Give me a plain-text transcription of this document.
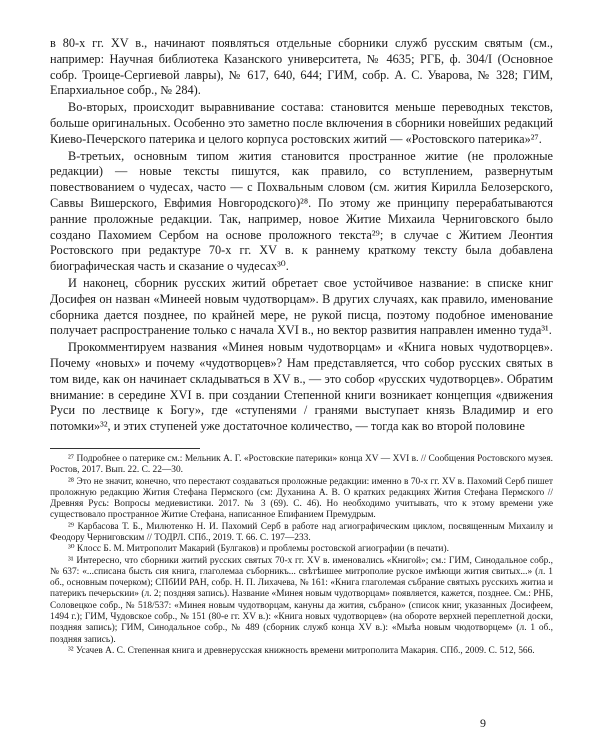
в 80-х гг. XV в., начинают появляться отдельные сборники служб русским святым (см., например: Научная библиотека Казанского университета, № 4635; РГБ, ф. 304/I (Основное собр. Троице-Сергиевой лавры), № 617, 640, 644; ГИМ, собр. А. С. Уварова, № 328; ГИМ, Епархиальное собр., № 284).

Во-вторых, происходит выравнивание состава: становится меньше переводных текстов, больше оригинальных. Особенно это заметно после включения в сборники новейших редакций Киево-Печерского патерика и целого корпуса ростовских житий — «Ростовского патерика»²⁷.

В-третьих, основным типом жития становится пространное житие (не проложные редакции) — новые тексты пишутся, как правило, со вступлением, развернутым повествованием о чудесах, часто — с Похвальным словом (см. жития Кирилла Белозерского, Саввы Вишерского, Евфимия Новгородского)²⁸. По этому же принципу перерабатываются ранние проложные редакции. Так, например, новое Житие Михаила Черниговского было создано Пахомием Сербом на основе проложного текста²⁹; в случае с Житием Леонтия Ростовского при редактуре 70-х гг. XV в. к раннему краткому тексту была добавлена биографическая часть и сказание о чудесах³⁰.

И наконец, сборник русских житий обретает свое устойчивое название: в списке книг Досифея он назван «Минеей новым чудотворцам». В других случаях, как правило, именование сборника дается позднее, по крайней мере, не рукой писца, поэтому подобное именование получает распространение только с начала XVI в., но вектор развития направлен именно туда³¹.

Прокомментируем названия «Минея новым чудотворцам» и «Книга новых чудотворцев». Почему «новых» и почему «чудотворцев»? Нам представляется, что собор русских святых в том виде, как он начинает складываться в XV в., — это собор «русских чудотворцев». Обратим внимание: в середине XVI в. при создании Степенной книги возникает концепция «движения Руси по лествице к Богу», где «ступенями / гранями выступает князь Владимир и его потомки»³², и этих ступеней уже достаточное количество, — тогда как во второй половине

²⁷ Подробнее о патерике см.: Мельник А. Г. «Ростовские патерики» конца XV — XVI в. // Сообщения Ростовского музея. Ростов, 2017. Вып. 22. С. 22—30.

²⁸ Это не значит, конечно, что перестают создаваться проложные редакции: именно в 70-х гг. XV в. Пахомий Серб пишет проложную редакцию Жития Стефана Пермского (см: Духанина А. В. О кратких редакциях Жития Стефана Пермского // Древняя Русь: Вопросы медиевистики. 2017. № 3 (69). С. 46). Но необходимо учитывать, что к этому времени уже существовало пространное Житие Стефана, написанное Епифанием Премудрым.

²⁹ Карбасова Т. Б., Милютенко Н. И. Пахомий Серб в работе над агиографическим циклом, посвященным Михаилу и Феодору Черниговским // ТОДРЛ. СПб., 2019. Т. 66. С. 197—233.

³⁰ Клосс Б. М. Митрополит Макарий (Булгаков) и проблемы ростовской агиографии (в печати).

³¹ Интересно, что сборники житий русских святых 70-х гг. XV в. именовались «Книгой»; см.: ГИМ, Синодальное собр., № 637: «...списана бысть сия книга, глаголемаа съборникъ... свѣтѣишее митрополие руское имѣющи жития свитых...» (л. 1 об., основным почерком); СПбИИ РАН, собр. Н. П. Лихачева, № 161: «Книга глаголемая събрание святыхъ русскихъ житиа и патерикъ печерьскии» (л. 2; поздняя запись). Название «Минея новым чудотворцам» появляется, кажется, позднее. См.: РНБ, Соловецкое собр., № 518/537: «Минея новым чудотворцам, кануны да жития, събрано» (список книг, указанных Досифеем, 1494 г.); ГИМ, Чудовское собр., № 151 (80-е гг. XV в.): «Книга новых чудотворцев» (на обороте верхней переплетной доски, поздняя запись); ГИМ, Синодальное собр., № 489 (сборник служб конца XV в.): «Мыѣа новым чюдотворцем» (л. 1 об., поздняя запись).

³² Усачев А. С. Степенная книга и древнерусская книжность времени митрополита Макария. СПб., 2009. С. 512, 566.

9
